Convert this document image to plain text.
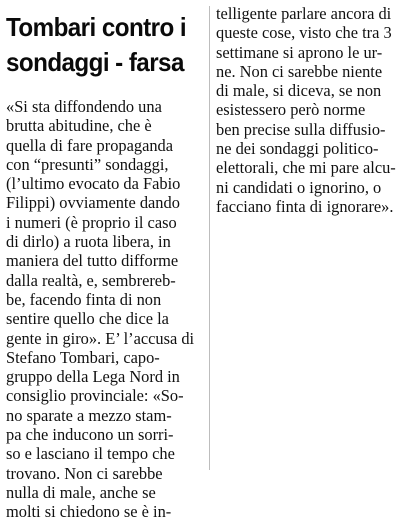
Tombari contro i
sondaggi - farsa
«Si sta diffondendo una
brutta abitudine, che è
quella di fare propaganda
con “presunti” sondaggi,
(l’ultimo evocato da Fabio
Filippi) ovviamente dando
i numeri (è proprio il caso
di dirlo) a ruota libera, in
maniera del tutto difforme
dalla realtà, e, sembrereb-
be, facendo finta di non
sentire quello che dice la
gente in giro». E’ l’accusa di
Stefano Tombari, capo-
gruppo della Lega Nord in
consiglio provinciale: «So-
no sparate a mezzo stam-
pa che inducono un sorri-
so e lasciano il tempo che
trovano. Non ci sarebbe
nulla di male, anche se
molti si chiedono se è in-
telligente parlare ancora di
queste cose, visto che tra 3
settimane si aprono le ur-
ne. Non ci sarebbe niente
di male, si diceva, se non
esistessero però norme
ben precise sulla diffusio-
ne dei sondaggi politico-
elettorali, che mi pare alcu-
ni candidati o ignorino, o
facciano finta di ignorare».
